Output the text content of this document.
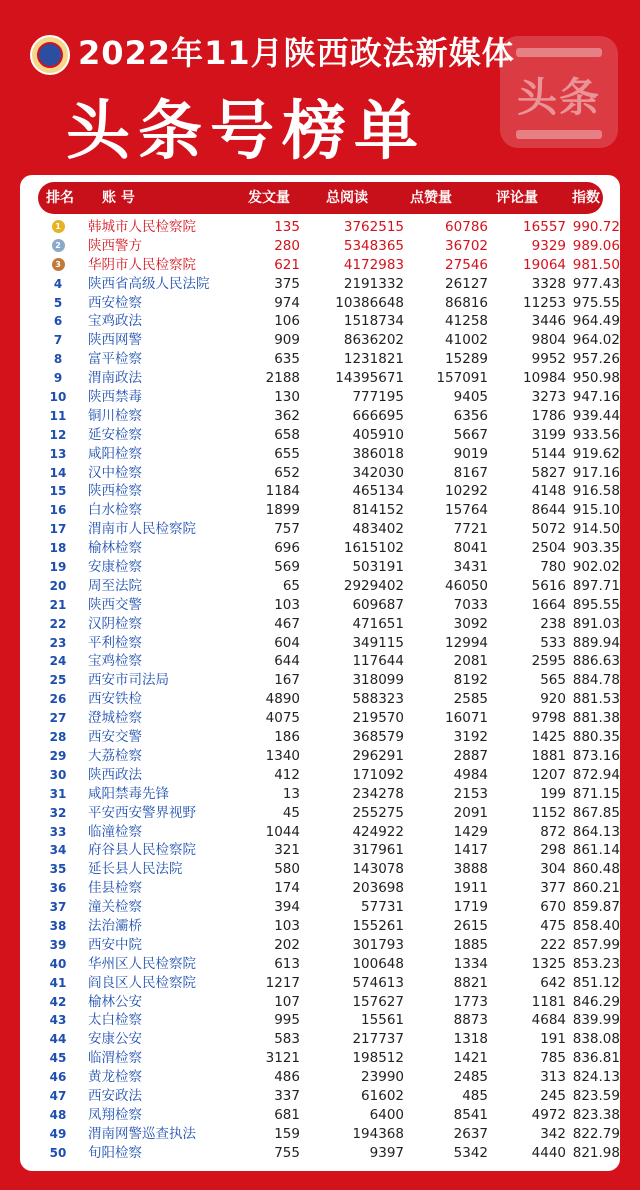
2022年11月陕西政法新媒体
头条号榜单	头条
排名 账 号	发文量	总阅读	点赞量	评论量 指数
1	韩城市人民检察院	135	3762515	60786	16557 990.72
2	陕西警方	280	5348365	36702	9329 989.06
3	华阴市人民检察院	621	4172983	27546	19064 981.50
4	陕西省高级人民法院	375	2191332	26127	3328 977.43
5	西安检察	974	10386648	86816	11253 975.55
6	宝鸡政法	106	1518734	41258	3446 964.49
7	陕西网警	909	8636202	41002	9804 964.02
8	富平检察	635	1231821	15289	9952 957.26
9	渭南政法	2188	14395671	157091	10984 950.98
10	陕西禁毒	130	777195	9405	3273 947.16
11	铜川检察	362	666695	6356	1786 939.44
12	延安检察	658	405910	5667	3199 933.56
13	咸阳检察	655	386018	9019	5144 919.62
14	汉中检察	652	342030	8167	5827 917.16
15	陕西检察	1184	465134	10292	4148 916.58
16	白水检察	1899	814152	15764	8644 915.10
17	渭南市人民检察院	757	483402	7721	5072 914.50
18	榆林检察	696	1615102	8041	2504 903.35
19	安康检察	569	503191	3431	780 902.02
20	周至法院	65	2929402	46050	5616 897.71
21	陕西交警	103	609687	7033	1664 895.55
22	汉阴检察	467	471651	3092	238 891.03
23	平利检察	604	349115	12994	533 889.94
24	宝鸡检察	644	117644	2081	2595 886.63
25	西安市司法局	167	318099	8192	565 884.78
26	西安铁检	4890	588323	2585	920 881.53
27	澄城检察	4075	219570	16071	9798 881.38
28	西安交警	186	368579	3192	1425 880.35
29	大荔检察	1340	296291	2887	1881 873.16
30	陕西政法	412	171092	4984	1207 872.94
31	咸阳禁毒先锋	13	234278	2153	199 871.15
32	平安西安警界视野	45	255275	2091	1152 867.85
33	临潼检察	1044	424922	1429	872 864.13
34	府谷县人民检察院	321	317961	1417	298 861.14
35	延长县人民法院	580	143078	3888	304 860.48
36	佳县检察	174	203698	1911	377 860.21
37	潼关检察	394	57731	1719	670 859.87
38	法治灞桥	103	155261	2615	475 858.40
39	西安中院	202	301793	1885	222 857.99
40	华州区人民检察院	613	100648	1334	1325 853.23
41	阎良区人民检察院	1217	574613	8821	642 851.12
42	榆林公安	107	157627	1773	1181 846.29
43	太白检察	995	15561	8873	4684 839.99
44	安康公安	583	217737	1318	191 838.08
45	临渭检察	3121	198512	1421	785 836.81
46	黄龙检察	486	23990	2485	313 824.13
47	西安政法	337	61602	485	245 823.59
48	凤翔检察	681	6400	8541	4972 823.38
49	渭南网警巡查执法	159	194368	2637	342 822.79
50	旬阳检察	755	9397	5342	4440 821.98
